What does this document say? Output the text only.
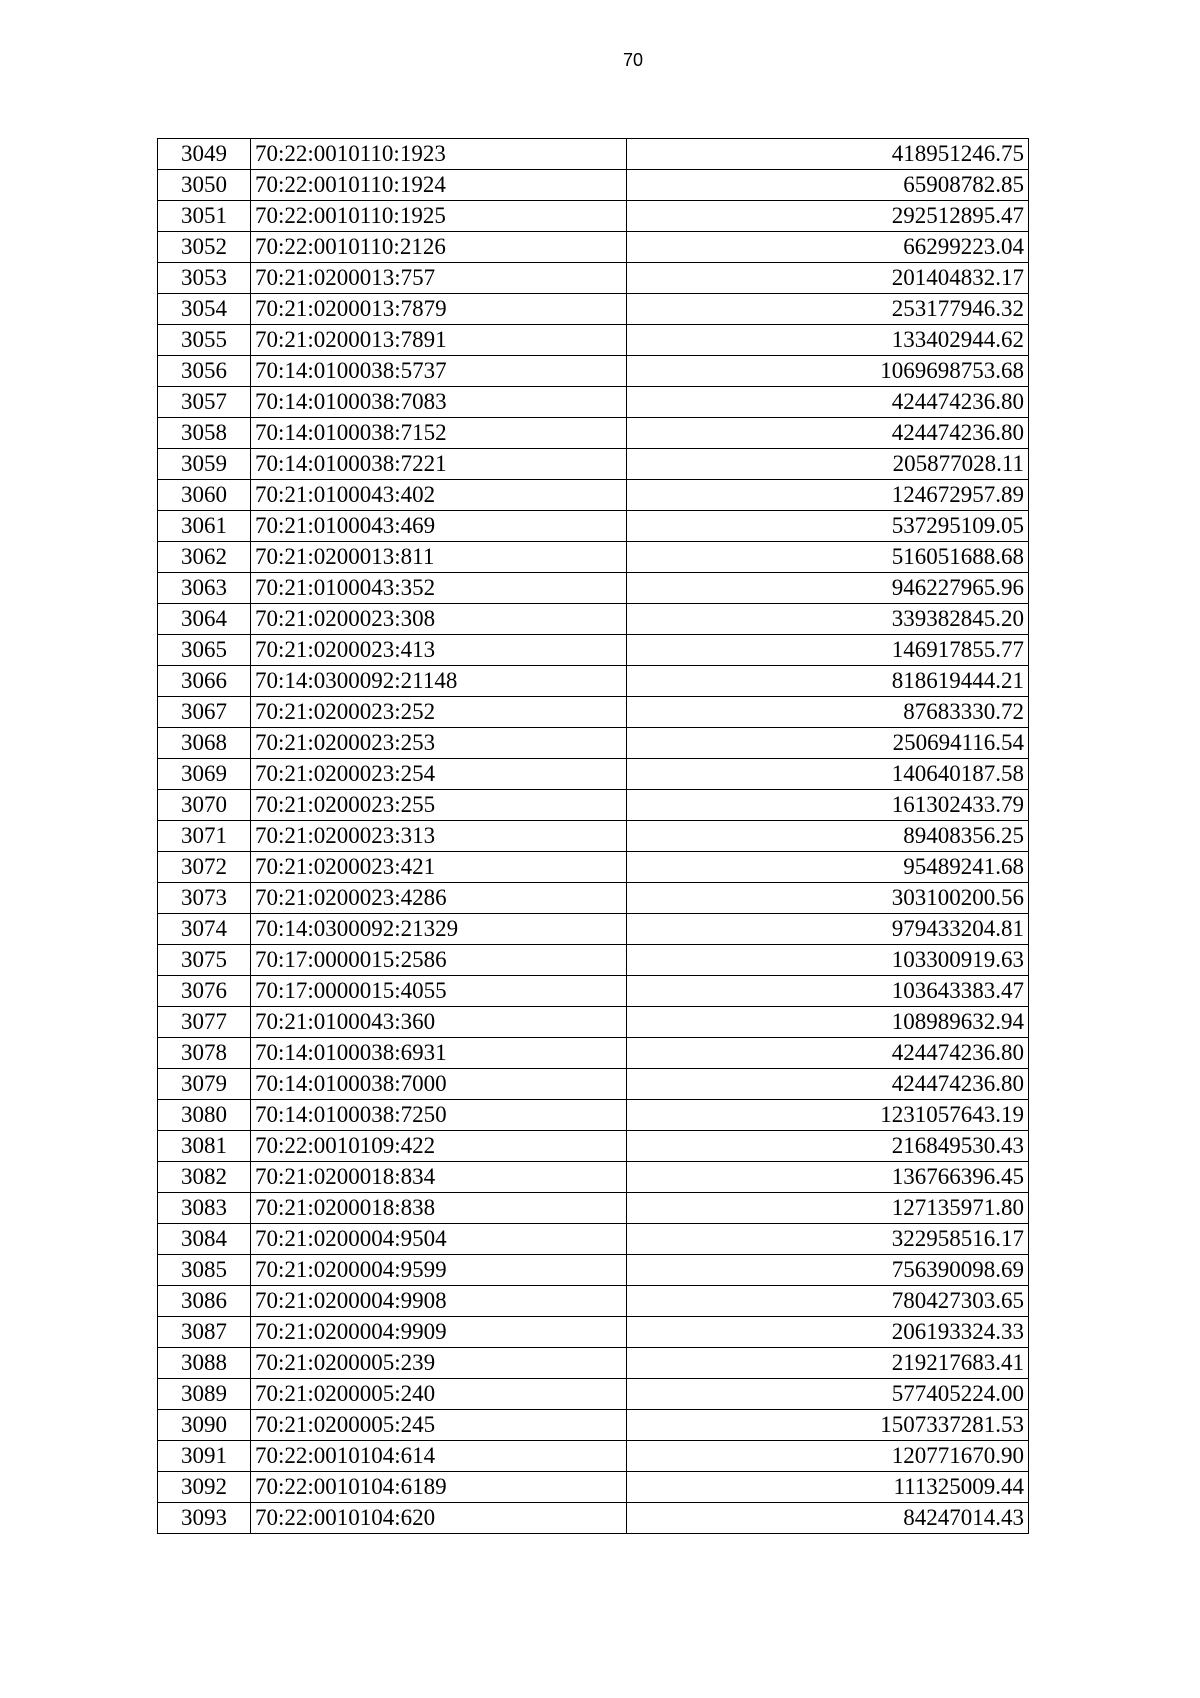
70
3049	70:22:0010110:1923	418951246.75
3050	70:22:0010110:1924	65908782.85
3051	70:22:0010110:1925	292512895.47
3052	70:22:0010110:2126	66299223.04
3053	70:21:0200013:757	201404832.17
3054	70:21:0200013:7879	253177946.32
3055	70:21:0200013:7891	133402944.62
3056	70:14:0100038:5737	1069698753.68
3057	70:14:0100038:7083	424474236.80
3058	70:14:0100038:7152	424474236.80
3059	70:14:0100038:7221	205877028.11
3060	70:21:0100043:402	124672957.89
3061	70:21:0100043:469	537295109.05
3062	70:21:0200013:811	516051688.68
3063	70:21:0100043:352	946227965.96
3064	70:21:0200023:308	339382845.20
3065	70:21:0200023:413	146917855.77
3066	70:14:0300092:21148	818619444.21
3067	70:21:0200023:252	87683330.72
3068	70:21:0200023:253	250694116.54
3069	70:21:0200023:254	140640187.58
3070	70:21:0200023:255	161302433.79
3071	70:21:0200023:313	89408356.25
3072	70:21:0200023:421	95489241.68
3073	70:21:0200023:4286	303100200.56
3074	70:14:0300092:21329	979433204.81
3075	70:17:0000015:2586	103300919.63
3076	70:17:0000015:4055	103643383.47
3077	70:21:0100043:360	108989632.94
3078	70:14:0100038:6931	424474236.80
3079	70:14:0100038:7000	424474236.80
3080	70:14:0100038:7250	1231057643.19
3081	70:22:0010109:422	216849530.43
3082	70:21:0200018:834	136766396.45
3083	70:21:0200018:838	127135971.80
3084	70:21:0200004:9504	322958516.17
3085	70:21:0200004:9599	756390098.69
3086	70:21:0200004:9908	780427303.65
3087	70:21:0200004:9909	206193324.33
3088	70:21:0200005:239	219217683.41
3089	70:21:0200005:240	577405224.00
3090	70:21:0200005:245	1507337281.53
3091	70:22:0010104:614	120771670.90
3092	70:22:0010104:6189	111325009.44
3093	70:22:0010104:620	84247014.43
